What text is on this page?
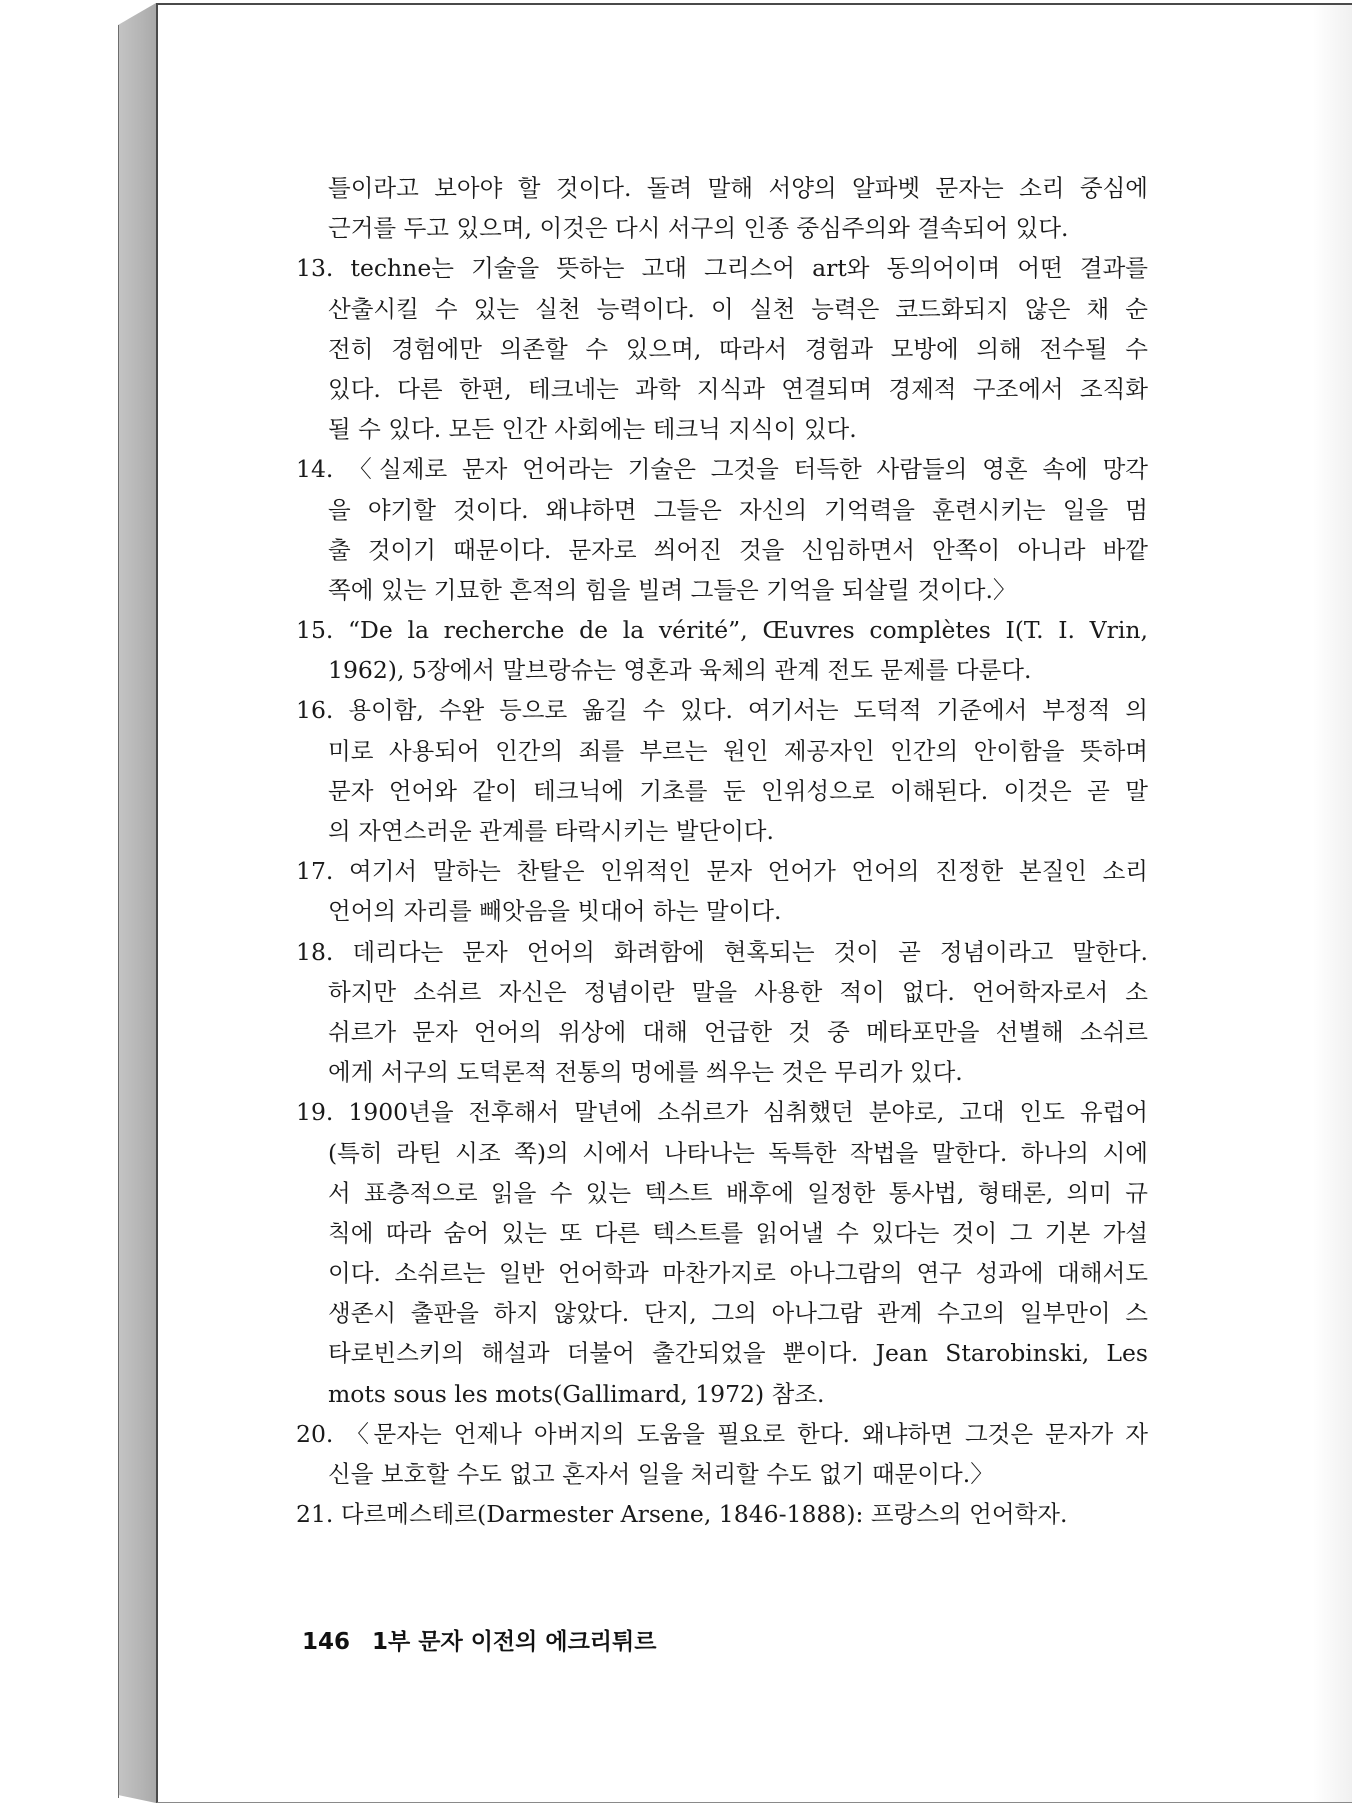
틀이라고 보아야 할 것이다. 돌려 말해 서양의 알파벳 문자는 소리 중심에
근거를 두고 있으며, 이것은 다시 서구의 인종 중심주의와 결속되어 있다.
13. techne는 기술을 뜻하는 고대 그리스어 art와 동의어이며 어떤 결과를
산출시킬 수 있는 실천 능력이다. 이 실천 능력은 코드화되지 않은 채 순
전히 경험에만 의존할 수 있으며, 따라서 경험과 모방에 의해 전수될 수
있다. 다른 한편, 테크네는 과학 지식과 연결되며 경제적 구조에서 조직화
될 수 있다. 모든 인간 사회에는 테크닉 지식이 있다.
14. 〈실제로 문자 언어라는 기술은 그것을 터득한 사람들의 영혼 속에 망각
을 야기할 것이다. 왜냐하면 그들은 자신의 기억력을 훈련시키는 일을 멈
출 것이기 때문이다. 문자로 씌어진 것을 신임하면서 안쪽이 아니라 바깥
쪽에 있는 기묘한 흔적의 힘을 빌려 그들은 기억을 되살릴 것이다.〉
15. “De la recherche de la vérité”, Œuvres complètes I(T. I. Vrin,
1962), 5장에서 말브랑슈는 영혼과 육체의 관계 전도 문제를 다룬다.
16. 용이함, 수완 등으로 옮길 수 있다. 여기서는 도덕적 기준에서 부정적 의
미로 사용되어 인간의 죄를 부르는 원인 제공자인 인간의 안이함을 뜻하며
문자 언어와 같이 테크닉에 기초를 둔 인위성으로 이해된다. 이것은 곧 말
의 자연스러운 관계를 타락시키는 발단이다.
17. 여기서 말하는 찬탈은 인위적인 문자 언어가 언어의 진정한 본질인 소리
언어의 자리를 빼앗음을 빗대어 하는 말이다.
18. 데리다는 문자 언어의 화려함에 현혹되는 것이 곧 정념이라고 말한다.
하지만 소쉬르 자신은 정념이란 말을 사용한 적이 없다. 언어학자로서 소
쉬르가 문자 언어의 위상에 대해 언급한 것 중 메타포만을 선별해 소쉬르
에게 서구의 도덕론적 전통의 멍에를 씌우는 것은 무리가 있다.
19. 1900년을 전후해서 말년에 소쉬르가 심취했던 분야로, 고대 인도 유럽어
(특히 라틴 시조 쪽)의 시에서 나타나는 독특한 작법을 말한다. 하나의 시에
서 표층적으로 읽을 수 있는 텍스트 배후에 일정한 통사법, 형태론, 의미 규
칙에 따라 숨어 있는 또 다른 텍스트를 읽어낼 수 있다는 것이 그 기본 가설
이다. 소쉬르는 일반 언어학과 마찬가지로 아나그람의 연구 성과에 대해서도
생존시 출판을 하지 않았다. 단지, 그의 아나그람 관계 수고의 일부만이 스
타로빈스키의 해설과 더불어 출간되었을 뿐이다. Jean Starobinski, Les
mots sous les mots(Gallimard, 1972) 참조.
20. 〈문자는 언제나 아버지의 도움을 필요로 한다. 왜냐하면 그것은 문자가 자
신을 보호할 수도 없고 혼자서 일을 처리할 수도 없기 때문이다.〉
21. 다르메스테르(Darmester Arsene, 1846-1888): 프랑스의 언어학자.
146 1부 문자 이전의 에크리튀르
